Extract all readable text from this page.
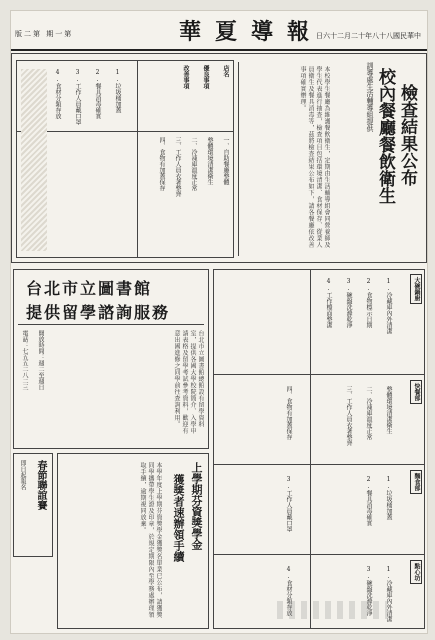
版二第 期一第	華夏導報
日六十二月二十年八十八國民華中
校內餐廳餐飲衛生 檢查結果公布
訓導處生活輔導組提供
本校學生餐廳為維護餐飲衛生，定期由生活輔導組會同營養師及學生代表進行抽查，檢查項目包括環境清潔、食材保存、從業人員衛生及餐具消毒等，茲將檢查結果公布如下，請各餐廳依改善事項確實辦理。
店名
優良事項
改善事項
一、自助餐廳整體
整體環境清潔衛生
二、冷凍庫溫度正常
三、工作人員衣著整齊
四、食物有加蓋保存
1.垃圾桶加蓋
2.餐具消毒確實
3.工作人員戴口罩
4.食材分類存放
台北市立圖書館
提供留學諮詢服務
台北市立圖書館總館設有留學資料室，提供各國大學校院簡介、入學申請表格及留學考試參考資料，歡迎有意出國進修之同學前往查詢利用。
開放時間：週二至週日
電話：七五五二八二三
春節聯誼賽
即日起報名	上學期芬資獎學金
獲獎者速辦領手續
本學年度上學期芬資獎學金獲獎名單業已公布，請獲獎同學攜帶學生證及印章，於規定期限內至學務處辦理領取手續，逾期視同放棄。
大碗鍋廚
快餐部
麵食部
點心坊
1.冷藏庫內外清潔
2.食物標示日期
3.碗盤洗滌乾淨
4.工作檯面整潔
整體環境清潔衛生
二、冷凍庫溫度正常
三、工作人員衣著整齊
四、食物有加蓋保存
1.垃圾桶加蓋
2.餐具消毒確實
3.工作人員戴口罩
1.冷藏庫內外清潔
3.碗盤洗滌乾淨
4.食材分類存放
